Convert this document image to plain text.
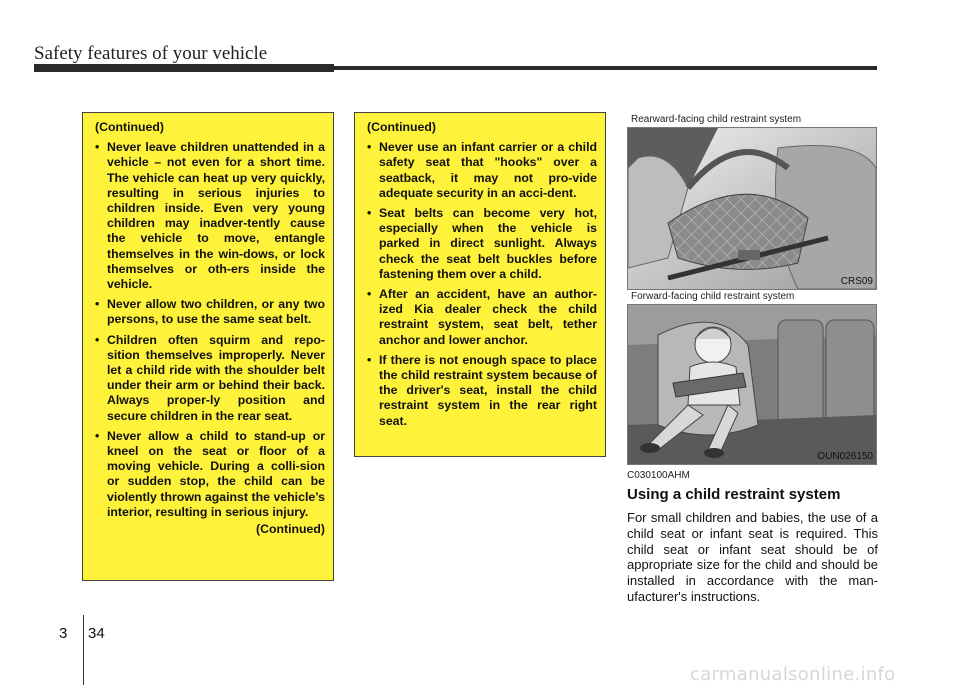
Safety features of your vehicle
(Continued)
• Never leave children unattended in a vehicle – not even for a short time. The vehicle can heat up very quickly, resulting in serious injuries to children inside. Even very young children may inadver-tently cause the vehicle to move, entangle themselves in the win-dows, or lock themselves or oth-ers inside the vehicle.
• Never allow two children, or any two persons, to use the same seat belt.
• Children often squirm and repo-sition themselves improperly. Never let a child ride with the shoulder belt under their arm or behind their back. Always proper-ly position and secure children in the rear seat.
• Never allow a child to stand-up or kneel on the seat or floor of a moving vehicle. During a colli-sion or sudden stop, the child can be violently thrown against the vehicle’s interior, resulting in serious injury.
(Continued)
(Continued)
• Never use an infant carrier or a child safety seat that "hooks" over a seatback, it may not pro-vide adequate security in an acci-dent.
• Seat belts can become very hot, especially when the vehicle is parked in direct sunlight. Always check the seat belt buckles before fastening them over a child.
• After an accident, have an author-ized Kia dealer check the child restraint system, seat belt, tether anchor and lower anchor.
• If there is not enough space to place the child restraint system because of the driver's seat, install the child restraint system in the rear right seat.
Rearward-facing child restraint system
CRS09
Forward-facing child restraint system
OUN026150
C030100AHM
Using a child restraint system
For small children and babies, the use of a child seat or infant seat is required. This child seat or infant seat should be of appropriate size for the child and should be installed in accordance with the man-ufacturer's instructions.
3 34
carmanualsonline.info
